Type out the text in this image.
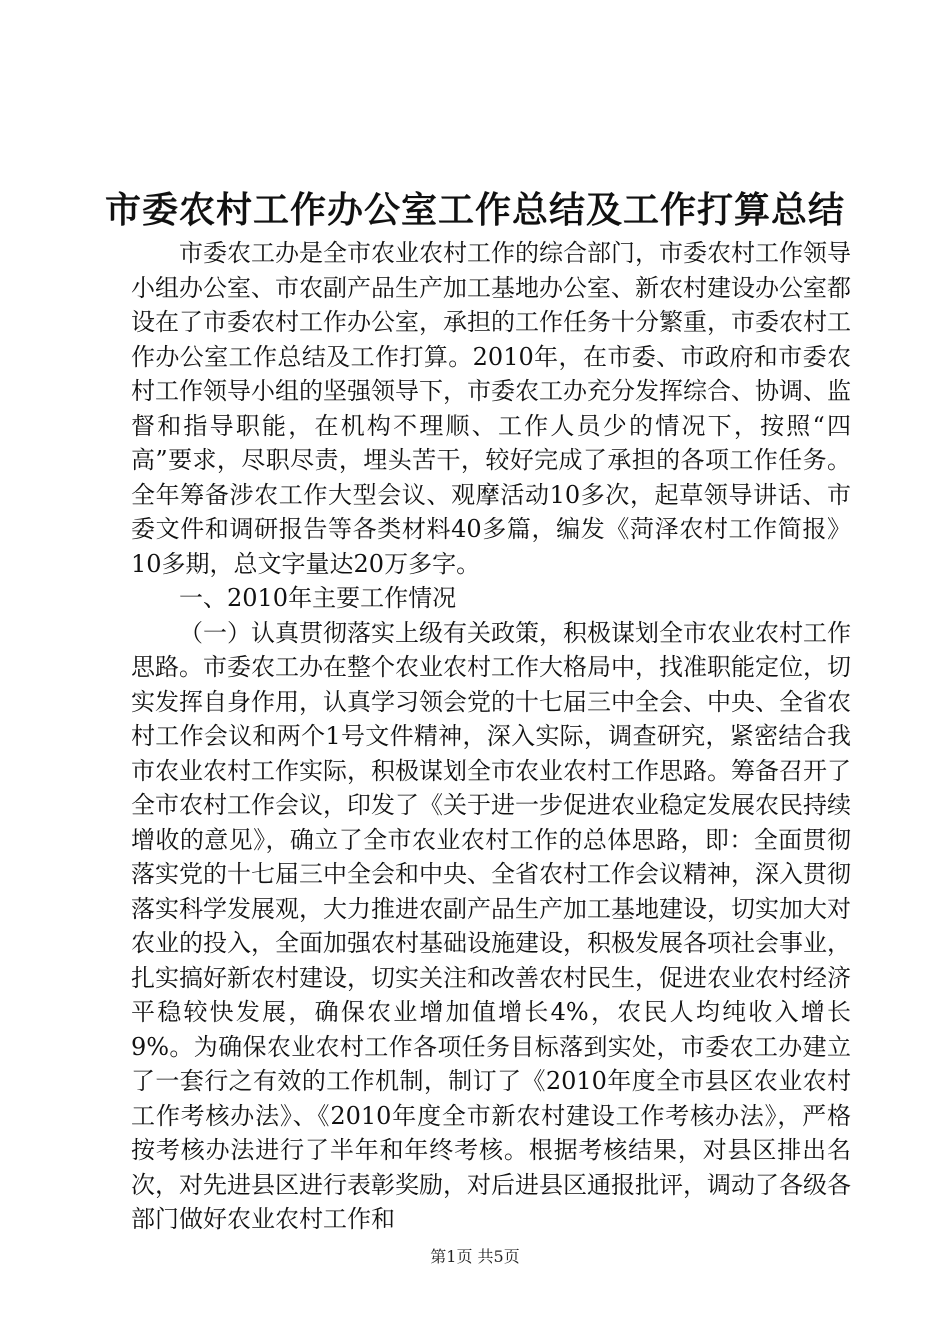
市委农村工作办公室工作总结及工作打算总结

市委农工办是全市农业农村工作的综合部门，市委农村工作领导小组办公室、市农副产品生产加工基地办公室、新农村建设办公室都设在了市委农村工作办公室，承担的工作任务十分繁重，市委农村工作办公室工作总结及工作打算。2010年，在市委、市政府和市委农村工作领导小组的坚强领导下，市委农工办充分发挥综合、协调、监督和指导职能，在机构不理顺、工作人员少的情况下，按照“四高”要求，尽职尽责，埋头苦干，较好完成了承担的各项工作任务。全年筹备涉农工作大型会议、观摩活动10多次，起草领导讲话、市委文件和调研报告等各类材料40多篇，编发《菏泽农村工作简报》10多期，总文字量达20万多字。

一、2010年主要工作情况

（一）认真贯彻落实上级有关政策，积极谋划全市农业农村工作思路。市委农工办在整个农业农村工作大格局中，找准职能定位，切实发挥自身作用，认真学习领会党的十七届三中全会、中央、全省农村工作会议和两个1号文件精神，深入实际，调查研究，紧密结合我市农业农村工作实际，积极谋划全市农业农村工作思路。筹备召开了全市农村工作会议，印发了《关于进一步促进农业稳定发展农民持续增收的意见》，确立了全市农业农村工作的总体思路，即：全面贯彻落实党的十七届三中全会和中央、全省农村工作会议精神，深入贯彻落实科学发展观，大力推进农副产品生产加工基地建设，切实加大对农业的投入，全面加强农村基础设施建设，积极发展各项社会事业，扎实搞好新农村建设，切实关注和改善农村民生，促进农业农村经济平稳较快发展，确保农业增加值增长4%，农民人均纯收入增长9%。为确保农业农村工作各项任务目标落到实处，市委农工办建立了一套行之有效的工作机制，制订了《2010年度全市县区农业农村工作考核办法》、《2010年度全市新农村建设工作考核办法》，严格按考核办法进行了半年和年终考核。根据考核结果，对县区排出名次，对先进县区进行表彰奖励，对后进县区通报批评，调动了各级各部门做好农业农村工作和

第1页 共5页
